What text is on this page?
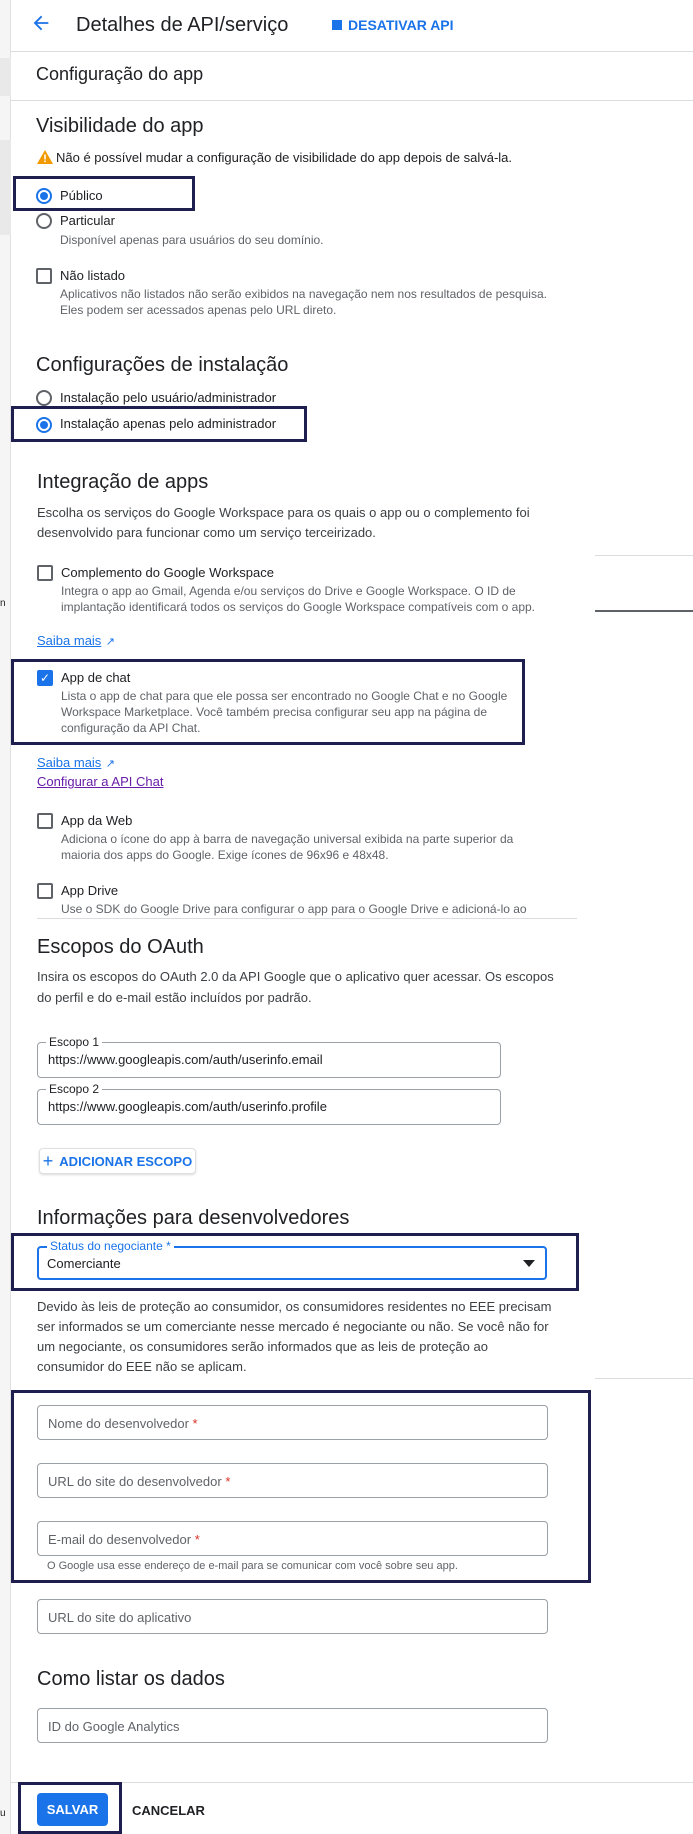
n
u
Detalhes de API/serviço	DESATIVAR API
Configuração do app
Visibilidade do app
Não é possível mudar a configuração de visibilidade do app depois de salvá-la.
Público
Particular
Disponível apenas para usuários do seu domínio.
Não listado
Aplicativos não listados não serão exibidos na navegação nem nos resultados de pesquisa.
Eles podem ser acessados apenas pelo URL direto.
Configurações de instalação
Instalação pelo usuário/administrador
Instalação apenas pelo administrador
Integração de apps
Escolha os serviços do Google Workspace para os quais o app ou o complemento foi
desenvolvido para funcionar como um serviço terceirizado.
Complemento do Google Workspace
Integra o app ao Gmail, Agenda e/ou serviços do Drive e Google Workspace. O ID de
implantação identificará todos os serviços do Google Workspace compatíveis com o app.
Saiba mais ↗
✓ App de chat
Lista o app de chat para que ele possa ser encontrado no Google Chat e no Google
Workspace Marketplace. Você também precisa configurar seu app na página de
configuração da API Chat.
Saiba mais ↗
Configurar a API Chat
App da Web
Adiciona o ícone do app à barra de navegação universal exibida na parte superior da
maioria dos apps do Google. Exige ícones de 96x96 e 48x48.
App Drive
Use o SDK do Google Drive para configurar o app para o Google Drive e adicioná-lo ao
Escopos do OAuth
Insira os escopos do OAuth 2.0 da API Google que o aplicativo quer acessar. Os escopos
do perfil e do e-mail estão incluídos por padrão.
Escopo 1
https://www.googleapis.com/auth/userinfo.email
Escopo 2
https://www.googleapis.com/auth/userinfo.profile
+ ADICIONAR ESCOPO
Informações para desenvolvedores
Status do negociante *
Comerciante
Devido às leis de proteção ao consumidor, os consumidores residentes no EEE precisam
ser informados se um comerciante nesse mercado é negociante ou não. Se você não for
um negociante, os consumidores serão informados que as leis de proteção ao
consumidor do EEE não se aplicam.
Nome do desenvolvedor *
URL do site do desenvolvedor *
E-mail do desenvolvedor *
O Google usa esse endereço de e-mail para se comunicar com você sobre seu app.
URL do site do aplicativo
Como listar os dados
ID do Google Analytics
SALVAR	CANCELAR
